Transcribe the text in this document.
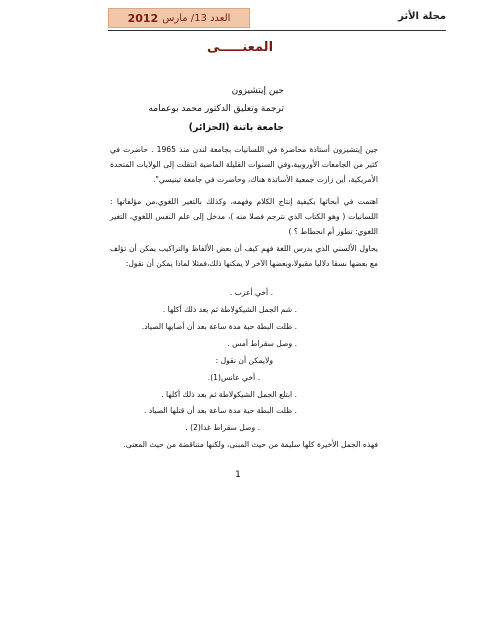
مجلة الأثر
العدد 13/ مارس
2012
المعنـــــى
جين إيتشيزون
ترجمة وتعليق الدكتور محمد بوعمامه
جامعة باتنة (الجزائر)

جين إيتشيزون أستاذة محاضرة في اللسانيات بجامعة لندن منذ 1965 . حاضرت في كثير من الجامعات الأوروبية،وفي السنوات القليلة الماضية انتقلت إلى الولايات المتحدة الأمريكية، أين زارت جمعية الأساتذة هناك، وحاضرت في جامعة تينيسي".

اهتمت في أبحاثها بكيفية إنتاج الكلام وفهمه، وكذلك بالتغير اللغوي،من مؤلفاتها : اللسانيات ( وهو الكتاب الذي نترجم فصلا منه )، مدخل إلى علم النفس اللغوي، التغير اللغوي: تطور أم انحطاط ؟ )

يحاول الألسني الذي يدرس اللغة فهم كيف أن بعض الألفاظ والتراكيب يمكن أن تؤلف مع بعضها نسقا دلاليا مقبولا،وبعضها الآخر لا يمكنها ذلك،فمثلا لماذا يمكن أن نقول:

. أخي أعزب .
. شم الجمل الشيكولاطة ثم بعد ذلك أكلها .
. ظلت البطة حية مدة ساعة بعد أن أصابها الصياد.
. وصل سقراط أمس .
ولايمكن أن نقول :
. أخي عانس(1).
. ابتلع الجمل الشيكولاطة ثم بعد ذلك أكلها .
. ظلت البطة حية مدة ساعة بعد أن قتلها الصياد .
فهذه الجمل الأخيرة كلها سليمة من حيث المبنى، ولكنها متناقضة من حيث المعنى.
. وصل سقراط غدا(2) .
1
